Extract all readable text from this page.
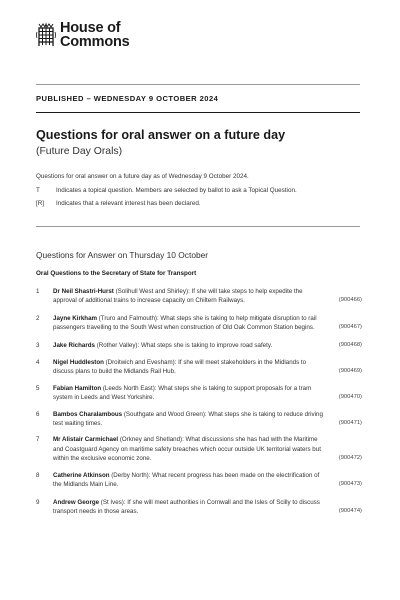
House of
Commons
PUBLISHED – WEDNESDAY 9 OCTOBER 2024
Questions for oral answer on a future day
(Future Day Orals)
Questions for oral answer on a future day as of Wednesday 9 October 2024.
T	Indicates a topical question. Members are selected by ballot to ask a Topical Question.
[R]	Indicates that a relevant interest has been declared.
Questions for Answer on Thursday 10 October
Oral Questions to the Secretary of State for Transport
1	Dr Neil Shastri-Hurst (Solihull West and Shirley): If she will take steps to help expedite the approval of additional trains to increase capacity on Chiltern Railways.	(900466)
2	Jayne Kirkham (Truro and Falmouth): What steps she is taking to help mitigate disruption to rail passengers travelling to the South West when construction of Old Oak Common Station begins.	(900467)
3	Jake Richards (Rother Valley): What steps she is taking to improve road safety.	(900468)
4	Nigel Huddleston (Droitwich and Evesham): If she will meet stakeholders in the Midlands to discuss plans to build the Midlands Rail Hub.	(900469)
5	Fabian Hamilton (Leeds North East): What steps she is taking to support proposals for a tram system in Leeds and West Yorkshire.	(900470)
6	Bambos Charalambous (Southgate and Wood Green): What steps she is taking to reduce driving test waiting times.	(900471)
7	Mr Alistair Carmichael (Orkney and Shetland): What discussions she has had with the Maritime and Coastguard Agency on maritime safety breaches which occur outside UK territorial waters but within the exclusive economic zone.	(900472)
8	Catherine Atkinson (Derby North): What recent progress has been made on the electrification of the Midlands Main Line.	(900473)
9	Andrew George (St Ives): If she will meet authorities in Cornwall and the Isles of Scilly to discuss transport needs in those areas.	(900474)
